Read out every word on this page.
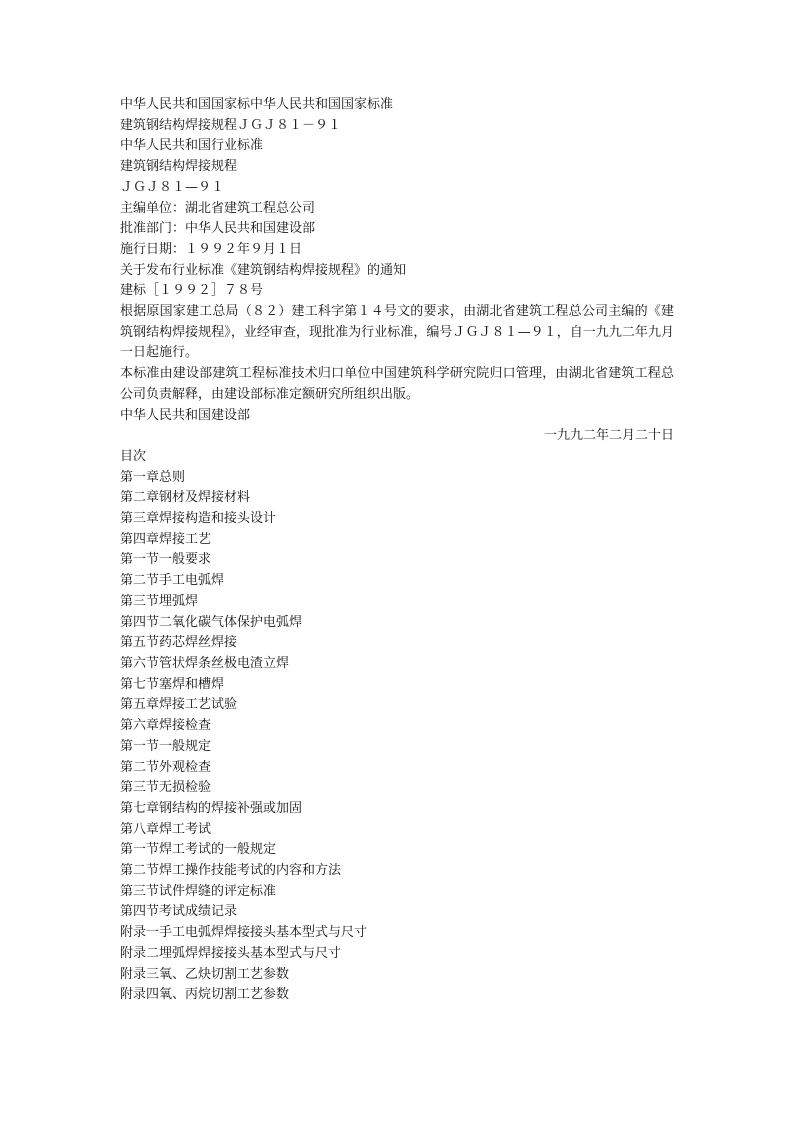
中华人民共和国国家标中华人民共和国国家标准
建筑钢结构焊接规程ＪＧＪ８１－９１
中华人民共和国行业标准
建筑钢结构焊接规程
ＪＧＪ８１—９１
主编单位：湖北省建筑工程总公司
批准部门：中华人民共和国建设部
施行日期：１９９２年９月１日
关于发布行业标准《建筑钢结构焊接规程》的通知
建标［１９９２］７８号
根据原国家建工总局（８２）建工科字第１４号文的要求，由湖北省建筑工程总公司主编的《建筑钢结构焊接规程》，业经审查，现批准为行业标准，编号ＪＧＪ８１—９１，自一九九二年九月一日起施行。
本标准由建设部建筑工程标准技术归口单位中国建筑科学研究院归口管理，由湖北省建筑工程总公司负责解释，由建设部标准定额研究所组织出版。
中华人民共和国建设部
一九九二年二月二十日
目次
第一章总则
第二章钢材及焊接材料
第三章焊接构造和接头设计
第四章焊接工艺
第一节一般要求
第二节手工电弧焊
第三节埋弧焊
第四节二氧化碳气体保护电弧焊
第五节药芯焊丝焊接
第六节管状焊条丝极电渣立焊
第七节塞焊和槽焊
第五章焊接工艺试验
第六章焊接检查
第一节一般规定
第二节外观检查
第三节无损检验
第七章钢结构的焊接补强或加固
第八章焊工考试
第一节焊工考试的一般规定
第二节焊工操作技能考试的内容和方法
第三节试件焊缝的评定标准
第四节考试成绩记录
附录一手工电弧焊焊接接头基本型式与尺寸
附录二埋弧焊焊接接头基本型式与尺寸
附录三氧、乙炔切割工艺参数
附录四氧、丙烷切割工艺参数
